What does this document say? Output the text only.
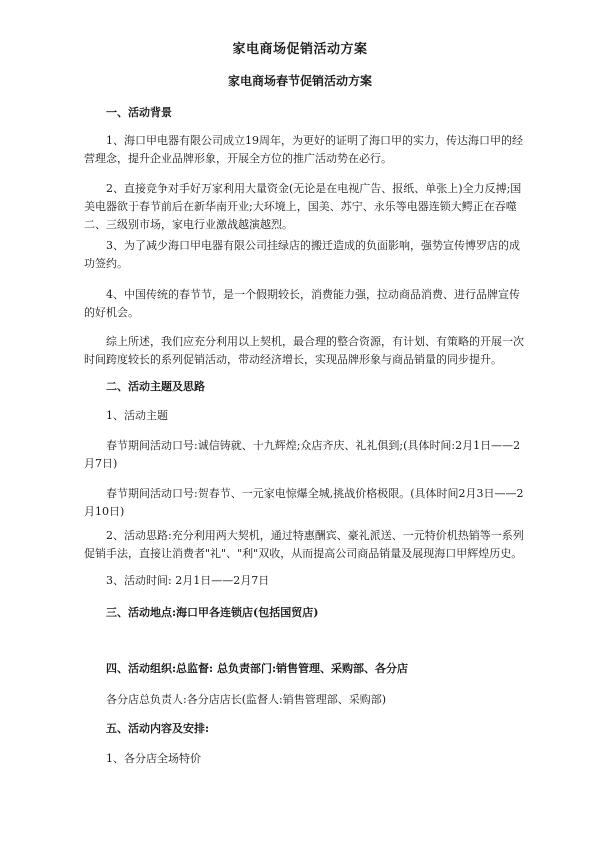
家电商场促销活动方案
家电商场春节促销活动方案

一、活动背景

1、海口甲电器有限公司成立19周年，为更好的证明了海口甲的实力，传达海口甲的经营理念，提升企业品牌形象，开展全方位的推广活动势在必行。

2、直接竞争对手好万家利用大量资金(无论是在电视广告、报纸、单张上)全力反搏;国美电器欲于春节前后在新华南开业;大环境上，国美、苏宁、永乐等电器连锁大鳄正在吞噬二、三级别市场，家电行业激战越演越烈。

3、为了减少海口甲电器有限公司挂绿店的搬迁造成的负面影响，强势宣传博罗店的成功签约。

4、中国传统的春节节，是一个假期较长，消费能力强，拉动商品消费、进行品牌宣传的好机会。

综上所述，我们应充分利用以上契机，最合理的整合资源，有计划、有策略的开展一次时间跨度较长的系列促销活动，带动经济增长，实现品牌形象与商品销量的同步提升。

二、活动主题及思路

1、活动主题

春节期间活动口号:诚信铸就、十九辉煌;众店齐庆、礼礼俱到;(具体时间:2月1日——2月7日)

春节期间活动口号:贺春节、一元家电惊爆全城,挑战价格极限。(具体时间2月3日——2月10日)

2、活动思路:充分利用两大契机，通过特惠酬宾、豪礼派送、一元特价机热销等一系列促销手法，直接让消费者"礼"、"利"双收，从而提高公司商品销量及展现海口甲辉煌历史。

3、活动时间: 2月1日——2月7日

三、活动地点:海口甲各连锁店(包括国贸店)

四、活动组织:总监督: 总负责部门:销售管理、采购部、各分店

各分店总负责人:各分店店长(监督人:销售管理部、采购部)

五、活动内容及安排:

1、各分店全场特价
